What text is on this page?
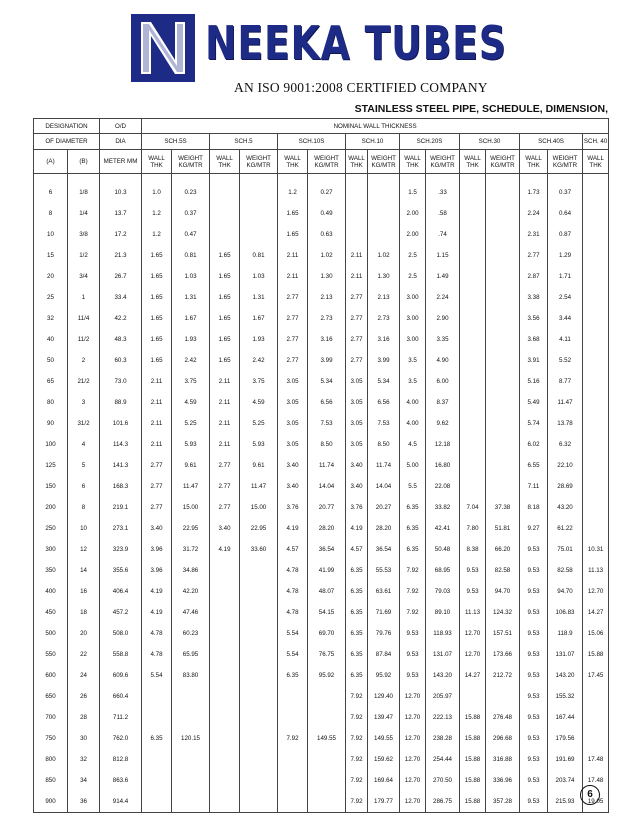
NEEKA TUBES
AN ISO 9001:2008 CERTIFIED COMPANY
STAINLESS STEEL PIPE, SCHEDULE, DIMENSION,
DESIGNATION		O/D	NOMINAL WALL THICKNESS														
OF DIAMETER		DIA	SCH.5S		SCH.5		SCH.10S		SCH.10		SCH.20S		SCH.30		SCH.40S		SCH. 40
(A)	(B)	METER MM	WALL THK	WEIGHT KG/MTR	WALL THK	WEIGHT KG/MTR	WALL THK	WEIGHT KG/MTR	WALL THK	WEIGHT KG/MTR	WALL THK	WEIGHT KG/MTR	WALL THK	WEIGHT KG/MTR	WALL THK	WEIGHT KG/MTR	WALL THK

6	1/8	10.3	1.0	0.23			1.2	0.27			1.5	.33			1.73	0.37	
8	1/4	13.7	1.2	0.37			1.65	0.49			2.00	.58			2.24	0.64	
10	3/8	17.2	1.2	0.47			1.65	0.63			2.00	.74			2.31	0.87	
15	1/2	21.3	1.65	0.81	1.65	0.81	2.11	1.02	2.11	1.02	2.5	1.15			2.77	1.29	
20	3/4	26.7	1.65	1.03	1.65	1.03	2.11	1.30	2.11	1.30	2.5	1.49			2.87	1.71	
25	1	33.4	1.65	1.31	1.65	1.31	2.77	2.13	2.77	2.13	3.00	2.24			3.38	2.54	
32	11/4	42.2	1.65	1.67	1.65	1.67	2.77	2.73	2.77	2.73	3.00	2.90			3.56	3.44	
40	11/2	48.3	1.65	1.93	1.65	1.93	2.77	3.16	2.77	3.16	3.00	3.35			3.68	4.11	
50	2	60.3	1.65	2.42	1.65	2.42	2.77	3.99	2.77	3.99	3.5	4.90			3.91	5.52	
65	21/2	73.0	2.11	3.75	2.11	3.75	3.05	5.34	3.05	5.34	3.5	6.00			5.16	8.77	
80	3	88.9	2.11	4.59	2.11	4.59	3.05	6.56	3.05	6.56	4.00	8.37			5.49	11.47	
90	31/2	101.6	2.11	5.25	2.11	5.25	3.05	7.53	3.05	7.53	4.00	9.62			5.74	13.78	
100	4	114.3	2.11	5.93	2.11	5.93	3.05	8.50	3.05	8.50	4.5	12.18			6.02	6.32	
125	5	141.3	2.77	9.61	2.77	9.61	3.40	11.74	3.40	11.74	5.00	16.80			6.55	22.10	
150	6	168.3	2.77	11.47	2.77	11.47	3.40	14.04	3.40	14.04	5.5	22.08			7.11	28.69	
200	8	219.1	2.77	15.00	2.77	15.00	3.76	20.77	3.76	20.27	6.35	33.82	7.04	37.38	8.18	43.20	
250	10	273.1	3.40	22.95	3.40	22.95	4.19	28.20	4.19	28.20	6.35	42.41	7.80	51.81	9.27	61.22	
300	12	323.9	3.96	31.72	4.19	33.60	4.57	36.54	4.57	36.54	6.35	50.48	8.38	66.20	9.53	75.01	10.31
350	14	355.6	3.96	34.86			4.78	41.99	6.35	55.53	7.92	68.95	9.53	82.58	9.53	82.58	11.13
400	16	406.4	4.19	42.20			4.78	48.07	6.35	63.61	7.92	79.03	9.53	94.70	9.53	94.70	12.70
450	18	457.2	4.19	47.46			4.78	54.15	6.35	71.69	7.92	89.10	11.13	124.32	9.53	106.83	14.27
500	20	508.0	4.78	60.23			5.54	69.70	6.35	79.76	9.53	118.93	12.70	157.51	9.53	118.9	15.06
550	22	558.8	4.78	65.95			5.54	76.75	6.35	87.84	9.53	131.07	12.70	173.66	9.53	131.07	15.88
600	24	609.6	5.54	83.80			6.35	95.92	6.35	95.92	9.53	143.20	14.27	212.72	9.53	143.20	17.45
650	26	660.4							7.92	129.40	12.70	205.97			9.53	155.32	
700	28	711.2							7.92	139.47	12.70	222.13	15.88	276.48	9.53	167.44	
750	30	762.0	6.35	120.15			7.92	149.55	7.92	149.55	12.70	238.28	15.88	296.68	9.53	179.56	
800	32	812.8							7.92	159.62	12.70	254.44	15.88	316.88	9.53	191.69	17.48
850	34	863.6							7.92	169.64	12.70	270.50	15.88	336.96	9.53	203.74	17.48
900	36	914.4							7.92	179.77	12.70	286.75	15.88	357.28	9.53	215.93	19.05
6
